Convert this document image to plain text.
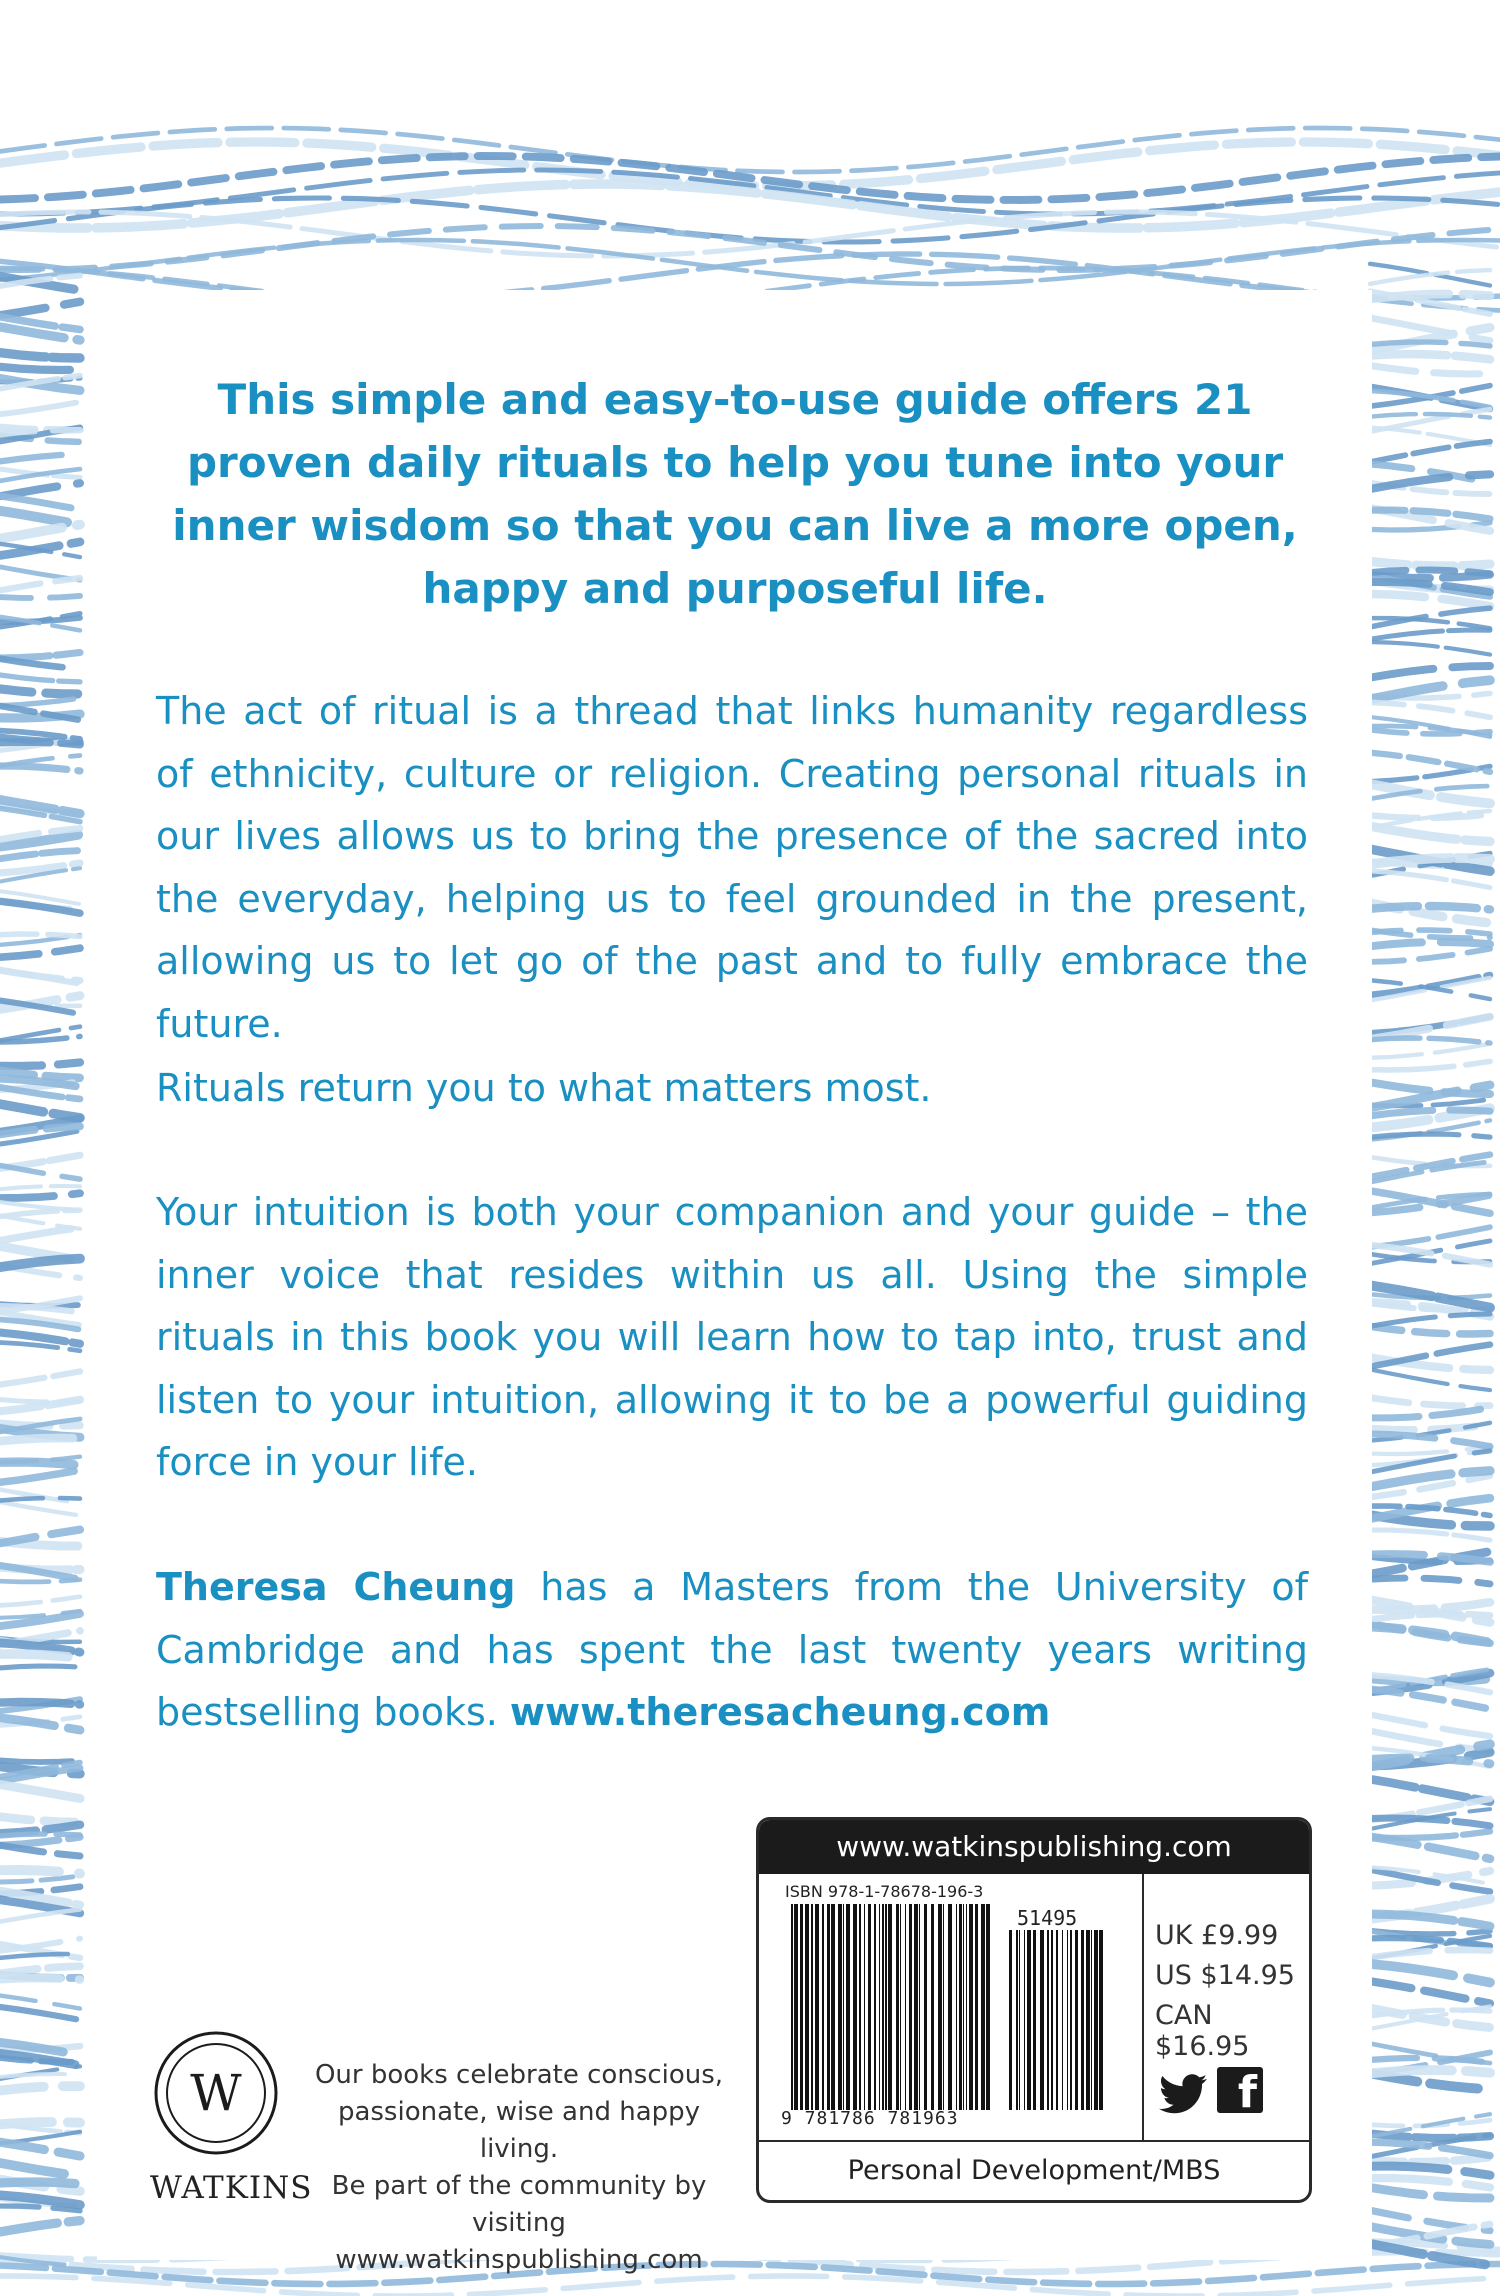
This simple and easy-to-use guide offers 21 proven daily rituals to help you tune into your inner wisdom so that you can live a more open, happy and purposeful life.

The act of ritual is a thread that links humanity regardless of ethnicity, culture or religion. Creating personal rituals in our lives allows us to bring the presence of the sacred into the everyday, helping us to feel grounded in the present, allowing us to let go of the past and to fully embrace the future.

Rituals return you to what matters most.

Your intuition is both your companion and your guide – the inner voice that resides within us all. Using the simple rituals in this book you will learn how to tap into, trust and listen to your intuition, allowing it to be a powerful guiding force in your life.

Theresa Cheung has a Masters from the University of Cambridge and has spent the last twenty years writing bestselling books. www.theresacheung.com

www.watkinspublishing.com
ISBN 978-1-78678-196-3
51495
9 781786 781963
UK £9.99
US $14.95
CAN $16.95
f
Personal Development/MBS
W
WATKINS

Our books celebrate conscious,
passionate, wise and happy living.
Be part of the community by visiting
www.watkinspublishing.com
